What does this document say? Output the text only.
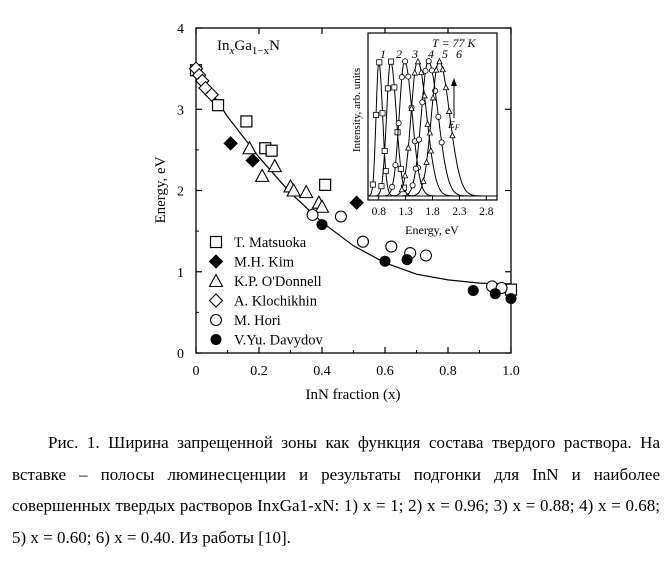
0	0.2	0.4	0.6	0.8	1.0
0
1
2
3
4
InN fraction (x)
Energy, eV
$In_xGa_{1-x}N$
T. Matsuoka
M.H. Kim
K.P. O'Donnell
A. Klochikhin
M. Hori
V.Yu. Davydov
0.8 1.3 1.8 2.3 2.8
T = 77 K
1 2 3 4 5 6
EF
Energy, eV
Intensity, arb. units

Рис. 1. Ширина запрещенной зоны как функция состава твердого раствора. На вставке – полосы люминесценции и результаты подгонки для InN и наиболее совершенных твердых растворов InxGa1-xN: 1) x = 1; 2) x = 0.96; 3) x = 0.88; 4) x = 0.68; 5) x = 0.60; 6) x = 0.40. Из работы [10].
